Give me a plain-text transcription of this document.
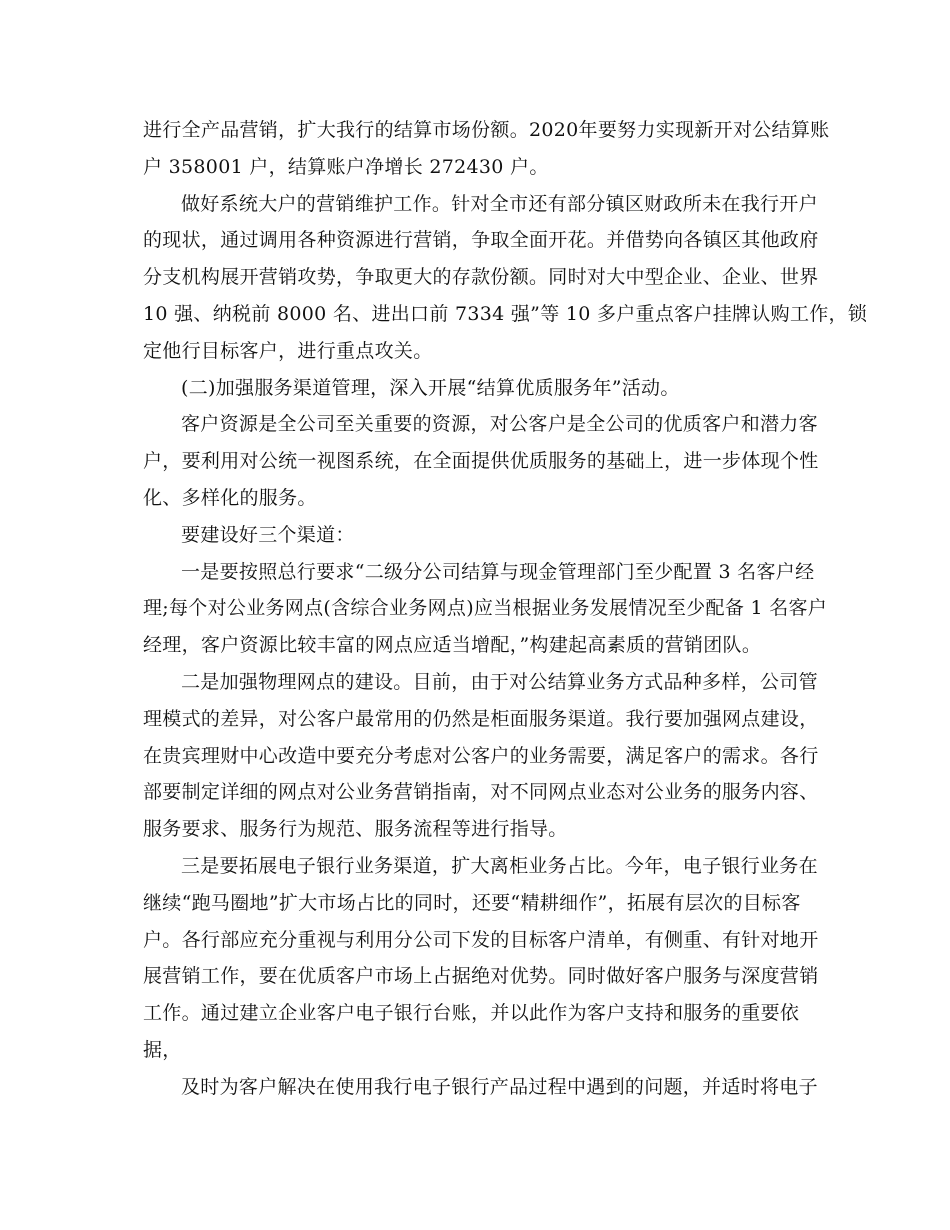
进行全产品营销，扩大我行的结算市场份额。2020年要努力实现新开对公结算账
户 358001 户，结算账户净增长 272430 户。
做好系统大户的营销维护工作。针对全市还有部分镇区财政所未在我行开户
的现状，通过调用各种资源进行营销，争取全面开花。并借势向各镇区其他政府
分支机构展开营销攻势，争取更大的存款份额。同时对大中型企业、企业、世界
10 强、纳税前 8000 名、进出口前 7334 强”等 10 多户重点客户挂牌认购工作，锁
定他行目标客户，进行重点攻关。
(二)加强服务渠道管理，深入开展“结算优质服务年”活动。
客户资源是全公司至关重要的资源，对公客户是全公司的优质客户和潜力客
户，要利用对公统一视图系统，在全面提供优质服务的基础上，进一步体现个性
化、多样化的服务。
要建设好三个渠道：
一是要按照总行要求“二级分公司结算与现金管理部门至少配置 3 名客户经
理;每个对公业务网点(含综合业务网点)应当根据业务发展情况至少配备 1 名客户
经理，客户资源比较丰富的网点应适当增配，”构建起高素质的营销团队。
二是加强物理网点的建设。目前，由于对公结算业务方式品种多样，公司管
理模式的差异，对公客户最常用的仍然是柜面服务渠道。我行要加强网点建设，
在贵宾理财中心改造中要充分考虑对公客户的业务需要，满足客户的需求。各行
部要制定详细的网点对公业务营销指南，对不同网点业态对公业务的服务内容、
服务要求、服务行为规范、服务流程等进行指导。
三是要拓展电子银行业务渠道，扩大离柜业务占比。今年，电子银行业务在
继续“跑马圈地”扩大市场占比的同时，还要“精耕细作”，拓展有层次的目标客
户。各行部应充分重视与利用分公司下发的目标客户清单，有侧重、有针对地开
展营销工作，要在优质客户市场上占据绝对优势。同时做好客户服务与深度营销
工作。通过建立企业客户电子银行台账，并以此作为客户支持和服务的重要依
据，
及时为客户解决在使用我行电子银行产品过程中遇到的问题，并适时将电子
